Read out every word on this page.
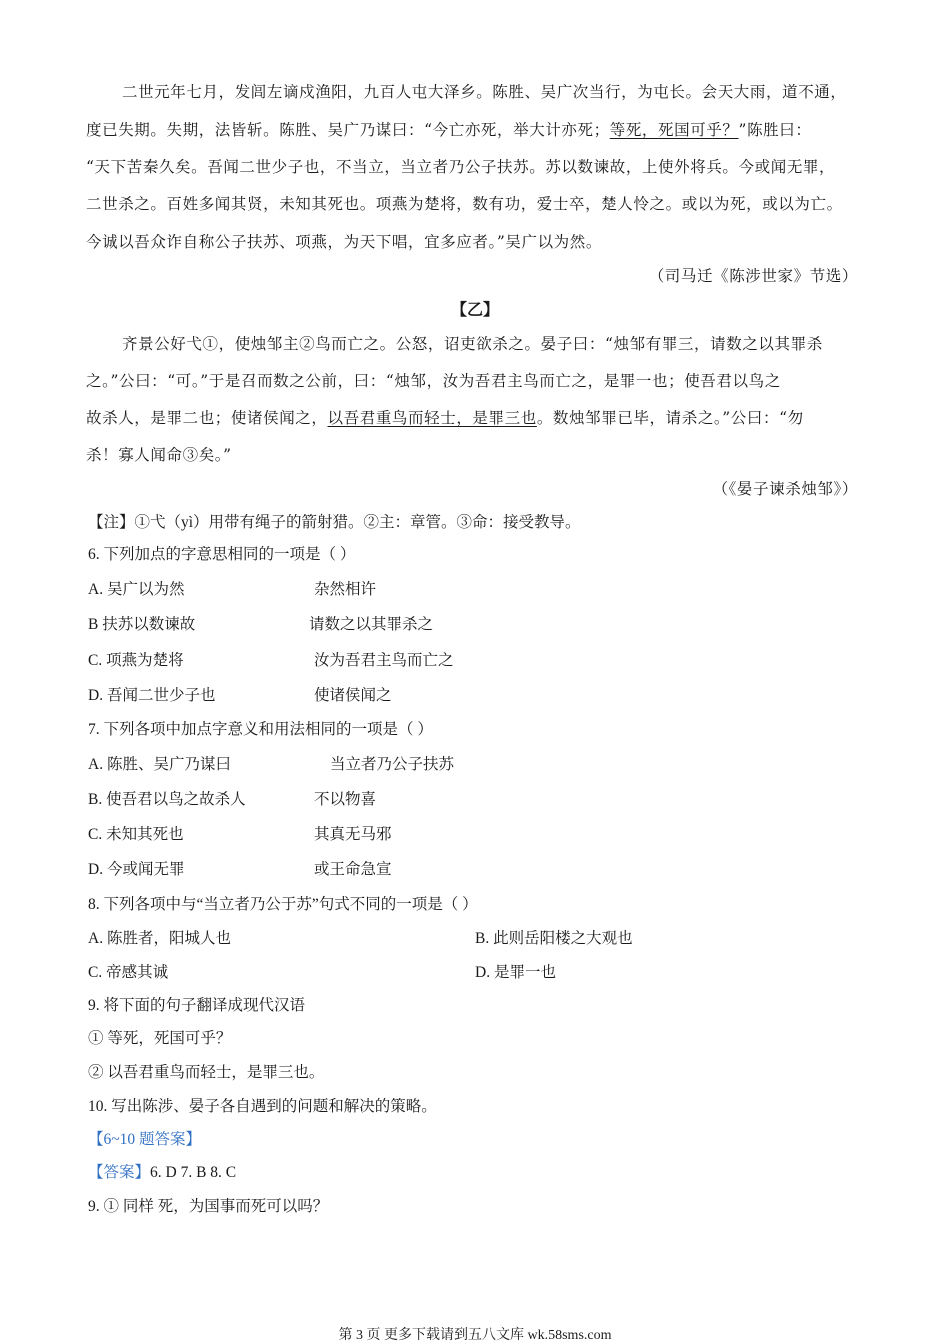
二世元年七月，发闾左谪戍渔阳，九百人屯大泽乡。陈胜、吴广次当行，为屯长。会天大雨，道不通，
度已失期。失期，法皆斩。陈胜、吴广乃谋曰：“今亡亦死，举大计亦死；等死，死国可乎？”陈胜曰：
“天下苦秦久矣。吾闻二世少子也，不当立，当立者乃公子扶苏。苏以数谏故，上使外将兵。今或闻无罪，
二世杀之。百姓多闻其贤，未知其死也。项燕为楚将，数有功，爱士卒，楚人怜之。或以为死，或以为亡。
今诚以吾众诈自称公子扶苏、项燕，为天下唱，宜多应者。”吴广以为然。
（司马迁《陈涉世家》节选）
【乙】
齐景公好弋①，使烛邹主②鸟而亡之。公怒，诏吏欲杀之。晏子曰：“烛邹有罪三，请数之以其罪杀
之。”公曰：“可。”于是召而数之公前，曰：“烛邹，汝为吾君主鸟而亡之，是罪一也；使吾君以鸟之
故杀人，是罪二也；使诸侯闻之，以吾君重鸟而轻士，是罪三也。数烛邹罪已毕，请杀之。”公曰：“勿
杀！寡人闻命③矣。”
（《晏子谏杀烛邹》）
【注】①弋（yì）用带有绳子的箭射猎。②主：章管。③命：接受教导。
6. 下列加点的字意思相同的一项是（ ）
A. 吴广以为然	杂然相许
B 扶苏以数谏故	请数之以其罪杀之
C. 项燕为楚将	汝为吾君主鸟而亡之
D. 吾闻二世少子也	使诸侯闻之
7. 下列各项中加点字意义和用法相同的一项是（ ）
A. 陈胜、吴广乃谋曰	当立者乃公子扶苏
B. 使吾君以鸟之故杀人	不以物喜
C. 未知其死也	其真无马邪
D. 今或闻无罪	或王命急宣
8. 下列各项中与“当立者乃公于苏”句式不同的一项是（ ）
A. 陈胜者，阳城人也	B. 此则岳阳楼之大观也
C. 帝感其诚	D. 是罪一也
9. 将下面的句子翻译成现代汉语
① 等死，死国可乎？
② 以吾君重鸟而轻士，是罪三也。
10. 写出陈涉、晏子各自遇到的问题和解决的策略。
【6~10 题答案】
【答案】6. D 7. B 8. C
9. ① 同样 死，为国事而死可以吗？
第 3 页 更多下载请到五八文库 wk.58sms.com
